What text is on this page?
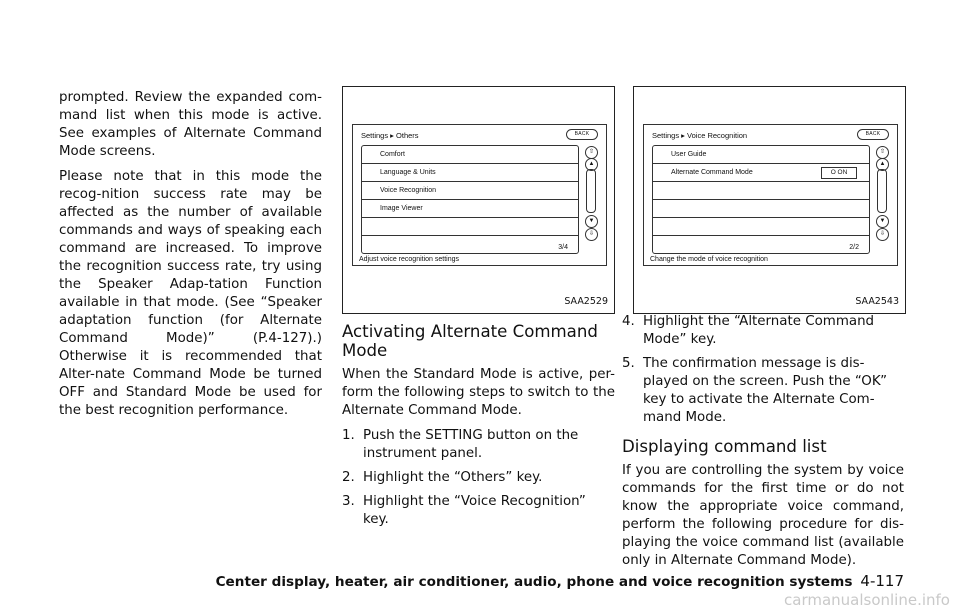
prompted. Review the expanded com-mand list when this mode is active. See examples of Alternate Command Mode screens.

Please note that in this mode the recog-nition success rate may be affected as the number of available commands and ways of speaking each command are increased. To improve the recognition success rate, try using the Speaker Adap-tation Function available in that mode. (See “Speaker adaptation function (for Alternate Command Mode)” (P.4-127).) Otherwise it is recommended that Alter-nate Command Mode be turned OFF and Standard Mode be used for the best recognition performance.

Settings ▸ Others	BACK
Comfort
Language & Units
Voice Recognition
Image Viewer
3/4
⇧
▲
▼
⇩
Adjust voice recognition settings
SAA2529
Settings ▸ Voice Recognition	BACK
User Guide
Alternate Command Mode	O ON
2/2
⇧
▲
▼
⇩
Change the mode of voice recognition
SAA2543
Activating Alternate Command Mode

When the Standard Mode is active, per-form the following steps to switch to the Alternate Command Mode.

1. Push the SETTING button on the instrument panel.
2. Highlight the “Others” key.
3. Highlight the “Voice Recognition” key.
4. Highlight the “Alternate Command Mode” key.
5. The confirmation message is dis-played on the screen. Push the “OK” key to activate the Alternate Com-mand Mode.
Displaying command list

If you are controlling the system by voice commands for the first time or do not know the appropriate voice command, perform the following procedure for dis-playing the voice command list (available only in Alternate Command Mode).

Center display, heater, air conditioner, audio, phone and voice recognition systems 4-117
carmanualsonline.info
